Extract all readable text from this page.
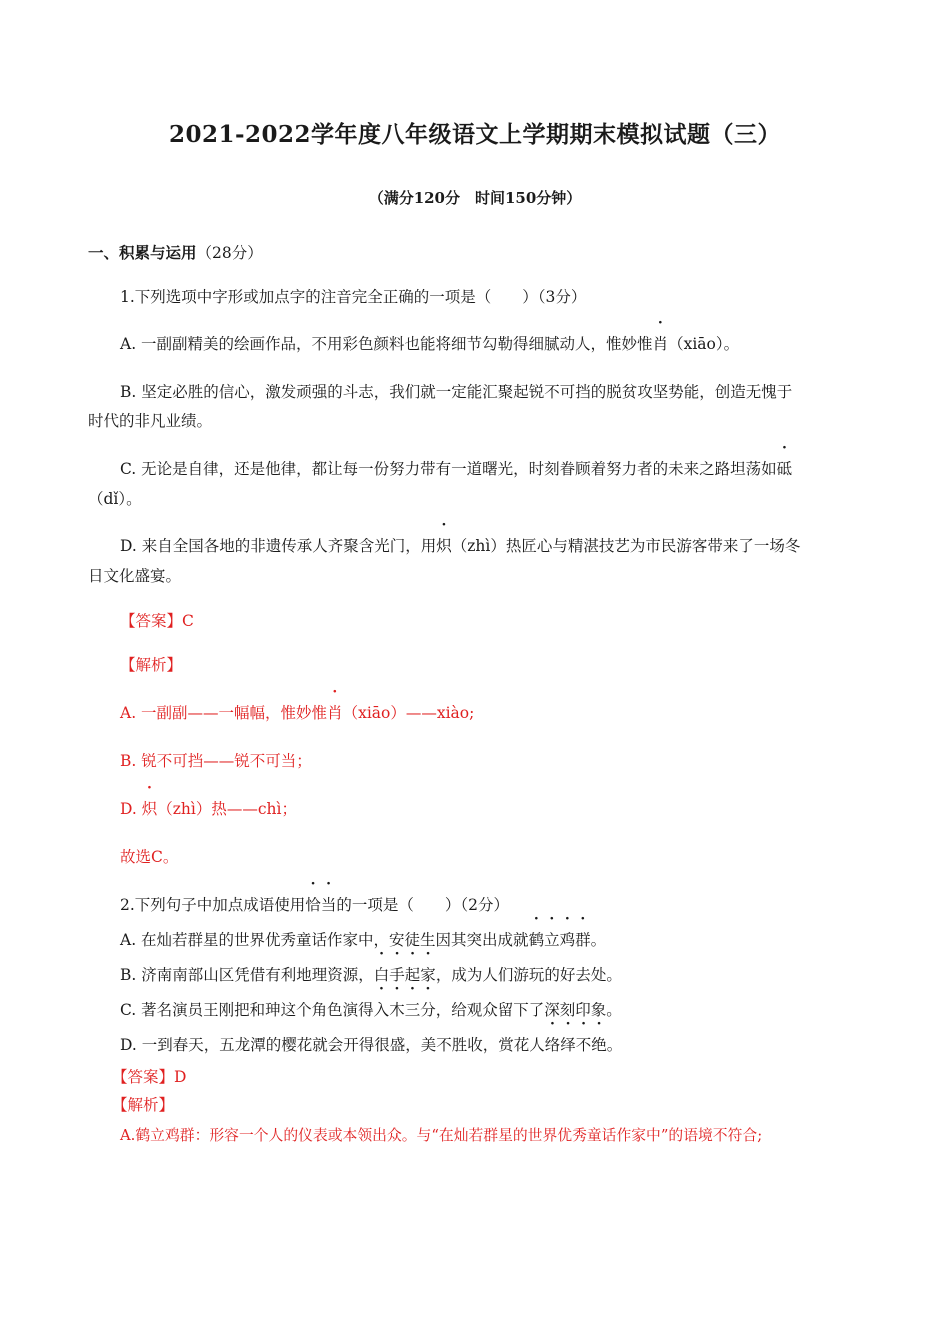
2021-2022学年度八年级语文上学期期末模拟试题（三）
（满分120分　时间150分钟）
一、积累与运用（28分）
1.下列选项中字形或加点字的注音完全正确的一项是（　　）（3分）
A. 一副副精美的绘画作品，不用彩色颜料也能将细节勾勒得细腻动人，惟妙惟肖（xiāo）。
B. 坚定必胜的信心，激发顽强的斗志，我们就一定能汇聚起锐不可挡的脱贫攻坚势能，创造无愧于
时代的非凡业绩。
C. 无论是自律，还是他律，都让每一份努力带有一道曙光，时刻眷顾着努力者的未来之路坦荡如砥
（dǐ）。
D. 来自全国各地的非遗传承人齐聚含光门，用炽（zhì）热匠心与精湛技艺为市民游客带来了一场冬
日文化盛宴。
【答案】C
【解析】
A. 一副副——一幅幅，惟妙惟肖（xiāo）——xiào;
B. 锐不可挡——锐不可当；
D. 炽（zhì）热——chì；
故选C。
2.下列句子中加点成语使用恰当的一项是（　　）（2分）
A. 在灿若群星的世界优秀童话作家中，安徒生因其突出成就鹤立鸡群。
B. 济南南部山区凭借有利地理资源，白手起家，成为人们游玩的好去处。
C. 著名演员王刚把和珅这个角色演得入木三分，给观众留下了深刻印象。
D. 一到春天，五龙潭的樱花就会开得很盛，美不胜收，赏花人络绎不绝。
【答案】D
【解析】
A.鹤立鸡群：形容一个人的仪表或本领出众。与“在灿若群星的世界优秀童话作家中”的语境不符合;
